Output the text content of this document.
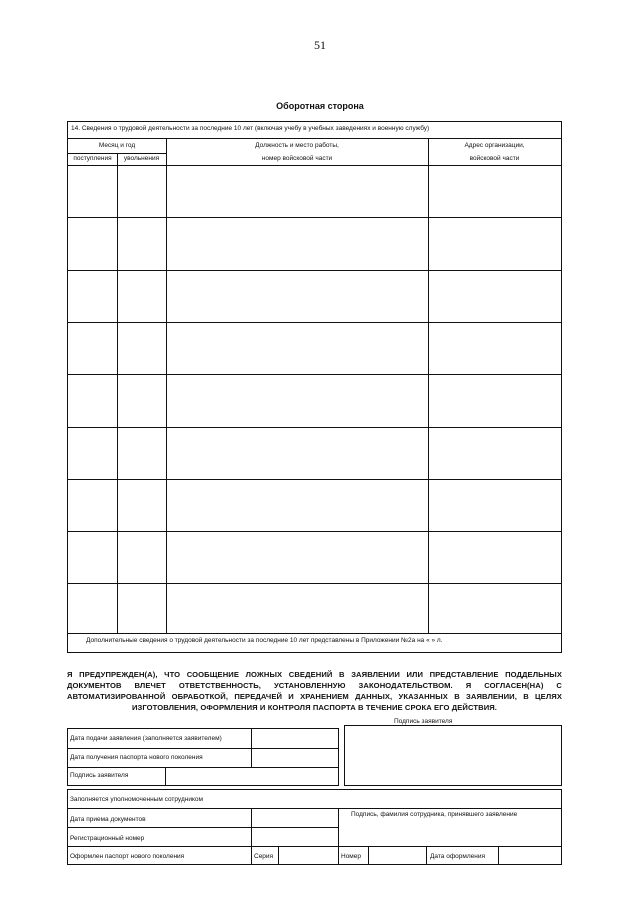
51
Оборотная сторона
14. Сведения о трудовой деятельности за последние 10 лет (включая учебу в учебных заведениях и военную службу)
Месяц и год
поступления	увольнения
Должность и место работы,
номер войсковой части
Адрес организации,
войсковой части
Дополнительные сведения о трудовой деятельности за последние 10 лет представлены в Приложении №2а на « » л.
Я ПРЕДУПРЕЖДЕН(А), ЧТО СООБЩЕНИЕ ЛОЖНЫХ СВЕДЕНИЙ В ЗАЯВЛЕНИИ ИЛИ ПРЕДСТАВЛЕНИЕ ПОДДЕЛЬНЫХ ДОКУМЕНТОВ ВЛЕЧЕТ ОТВЕТСТВЕННОСТЬ, УСТАНОВЛЕННУЮ ЗАКОНОДАТЕЛЬСТВОМ. Я СОГЛАСЕН(НА) С АВТОМАТИЗИРОВАННОЙ ОБРАБОТКОЙ, ПЕРЕДАЧЕЙ И ХРАНЕНИЕМ ДАННЫХ, УКАЗАННЫХ В ЗАЯВЛЕНИИ, В ЦЕЛЯХ ИЗГОТОВЛЕНИЯ, ОФОРМЛЕНИЯ И КОНТРОЛЯ ПАСПОРТА В ТЕЧЕНИЕ СРОКА ЕГО ДЕЙСТВИЯ.
Подпись заявителя
Дата подачи заявления (заполняется заявителем)
Дата получения паспорта нового поколения
Подпись заявителя
Заполняется уполномоченным сотрудником
Дата приема документов
Регистрационный номер
Подпись, фамилия сотрудника, принявшего заявление
Оформлен паспорт нового поколения	Серия	Номер	Дата оформления
